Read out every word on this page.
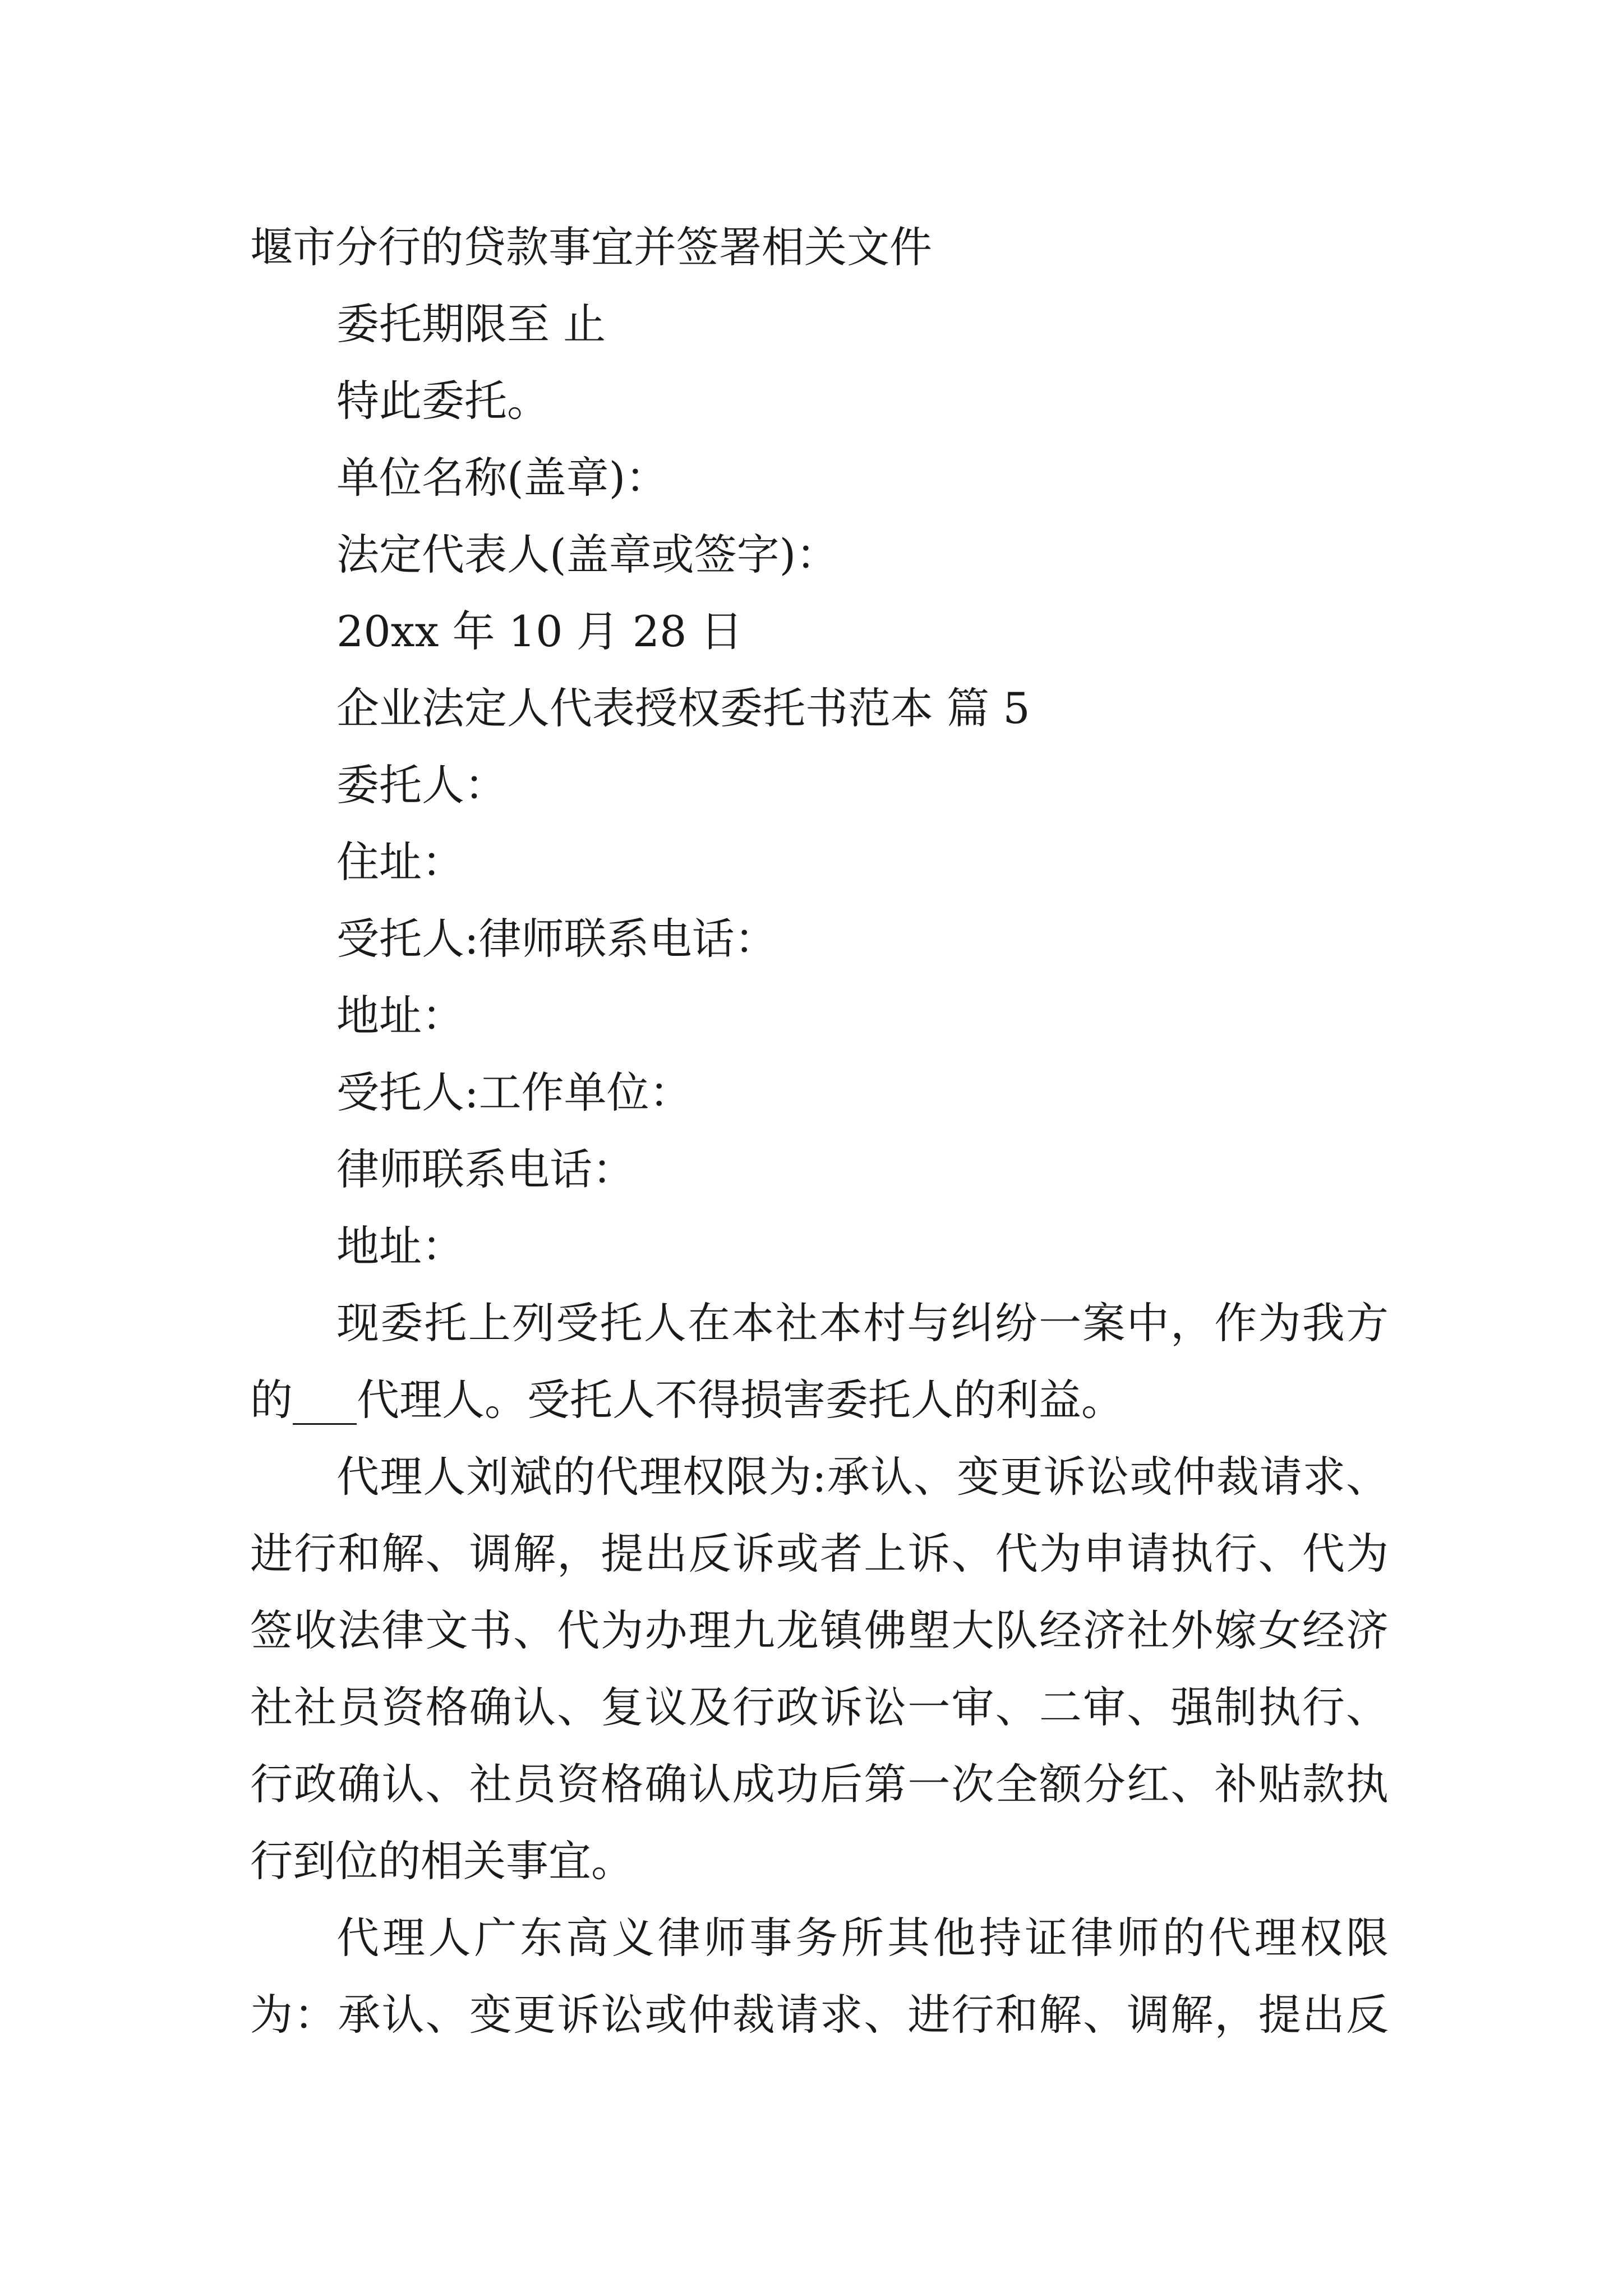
堰市分行的贷款事宜并签署相关文件
委托期限至 止
特此委托。
单位名称(盖章)：
法定代表人(盖章或签字)：
20xx 年 10 月 28 日
企业法定人代表授权委托书范本 篇 5
委托人：
住址：
受托人:律师联系电话：
地址：
受托人:工作单位：
律师联系电话：
地址：
现委托上列受托人在本社本村与纠纷一案中，作为我方
的___代理人。受托人不得损害委托人的利益。
代理人刘斌的代理权限为:承认、变更诉讼或仲裁请求、
进行和解、调解，提出反诉或者上诉、代为申请执行、代为
签收法律文书、代为办理九龙镇佛塱大队经济社外嫁女经济
社社员资格确认、复议及行政诉讼一审、二审、强制执行、
行政确认、社员资格确认成功后第一次全额分红、补贴款执
行到位的相关事宜。
代理人广东高义律师事务所其他持证律师的代理权限
为：承认、变更诉讼或仲裁请求、进行和解、调解，提出反
